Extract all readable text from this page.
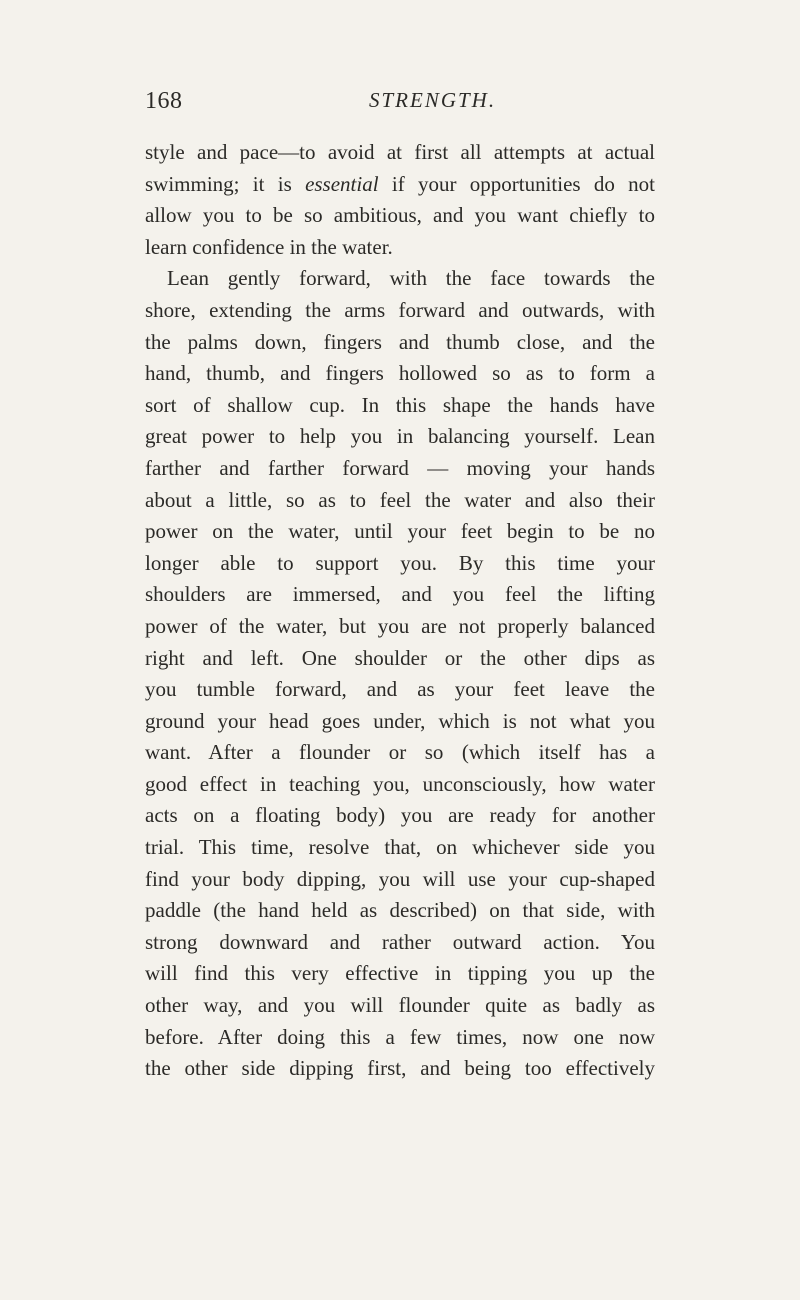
168	STRENGTH.
style and pace—to avoid at first all attempts at actual
swimming; it is essential if your opportunities do not
allow you to be so ambitious, and you want chiefly to
learn confidence in the water.
Lean gently forward, with the face towards the
shore, extending the arms forward and outwards, with
the palms down, fingers and thumb close, and the
hand, thumb, and fingers hollowed so as to form a
sort of shallow cup. In this shape the hands have
great power to help you in balancing yourself. Lean
farther and farther forward — moving your hands
about a little, so as to feel the water and also their
power on the water, until your feet begin to be no
longer able to support you. By this time your
shoulders are immersed, and you feel the lifting
power of the water, but you are not properly balanced
right and left. One shoulder or the other dips as
you tumble forward, and as your feet leave the
ground your head goes under, which is not what you
want. After a flounder or so (which itself has a
good effect in teaching you, unconsciously, how water
acts on a floating body) you are ready for another
trial. This time, resolve that, on whichever side you
find your body dipping, you will use your cup-shaped
paddle (the hand held as described) on that side, with
strong downward and rather outward action. You
will find this very effective in tipping you up the
other way, and you will flounder quite as badly as
before. After doing this a few times, now one now
the other side dipping first, and being too effectively
